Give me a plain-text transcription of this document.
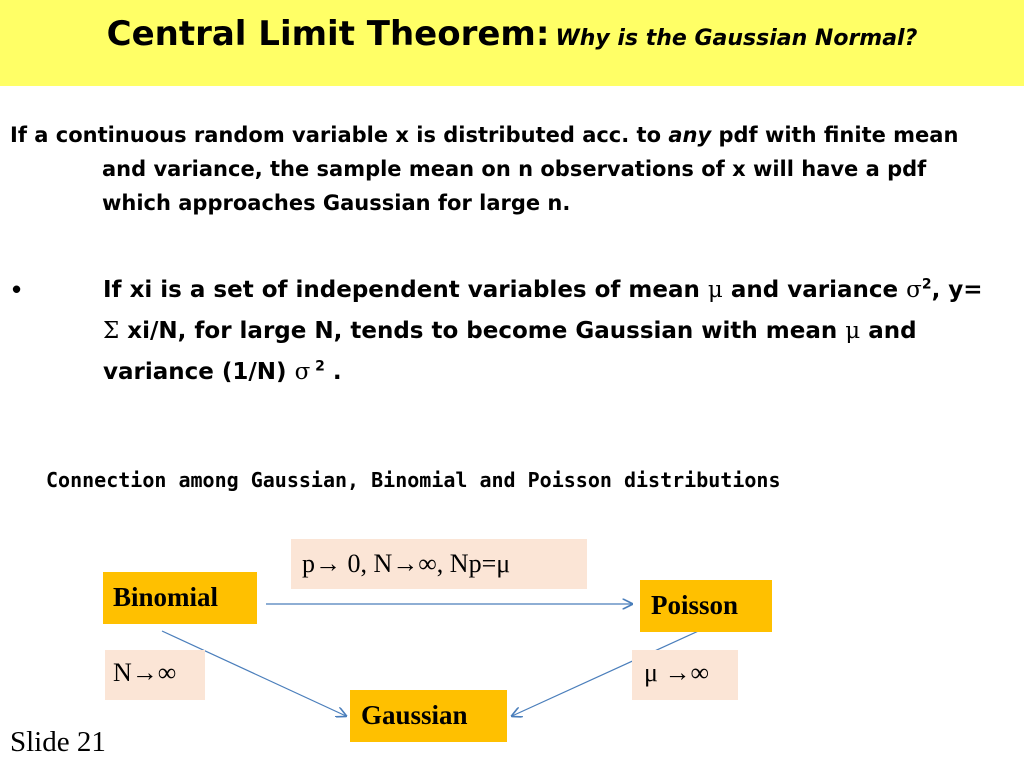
Central Limit Theorem: Why is the Gaussian Normal?
If a continuous random variable x is distributed acc. to any pdf with finite mean and variance, the sample mean on n observations of x will have a pdf which approaches Gaussian for large n.
•	If xi is a set of independent variables of mean μ and variance $\sigma^2$, y= Σ xi/N, for large N, tends to become Gaussian with mean μ and variance (1/N) σ $^2$ .
Connection among Gaussian, Binomial and Poisson distributions
p→ 0, N→∞, Np=μ
Binomial	Poisson
N→∞	μ →∞
Gaussian
Slide 21
